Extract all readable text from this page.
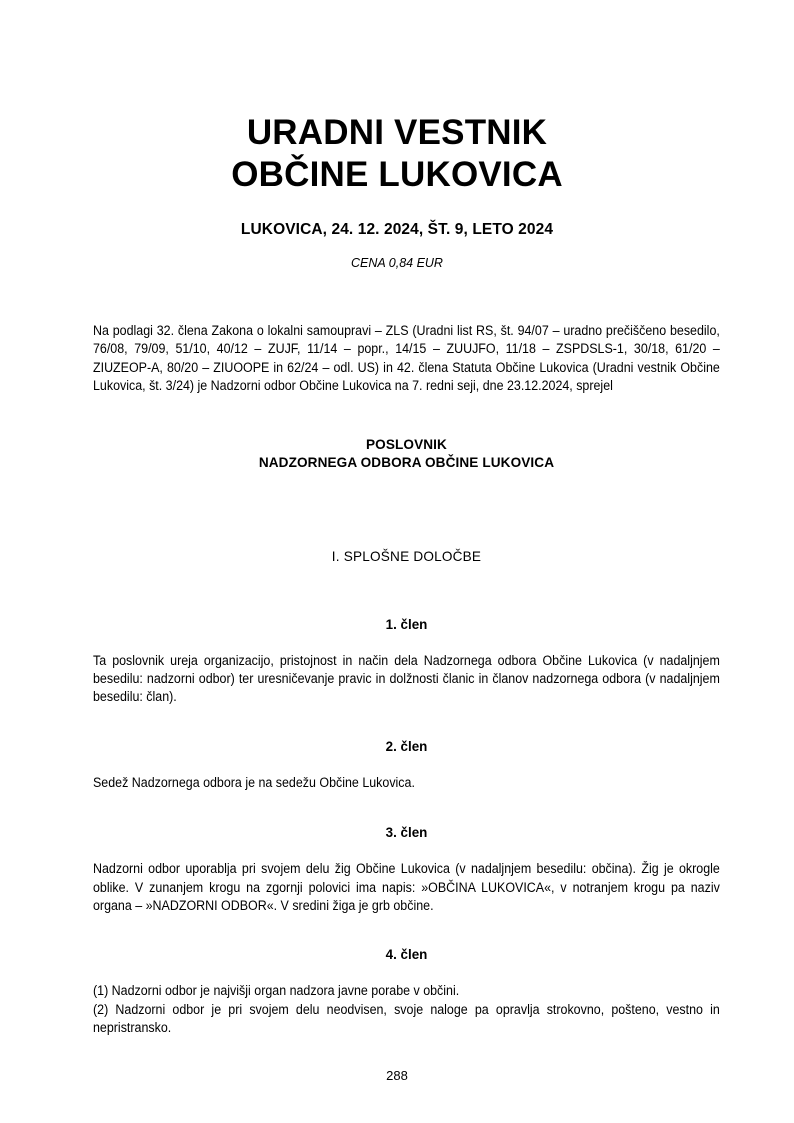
URADNI VESTNIK
OBČINE LUKOVICA
LUKOVICA, 24. 12. 2024, ŠT. 9, LETO 2024
CENA 0,84 EUR

Na podlagi 32. člena Zakona o lokalni samoupravi – ZLS (Uradni list RS, št. 94/07 – uradno prečiščeno besedilo, 76/08, 79/09, 51/10, 40/12 – ZUJF, 11/14 – popr., 14/15 – ZUUJFO, 11/18 – ZSPDSLS-1, 30/18, 61/20 – ZIUZEOP-A, 80/20 – ZIUOOPE in 62/24 – odl. US) in 42. člena Statuta Občine Lukovica (Uradni vestnik Občine Lukovica, št. 3/24) je Nadzorni odbor Občine Lukovica na 7. redni seji, dne 23.12.2024, sprejel

POSLOVNIK
NADZORNEGA ODBORA OBČINE LUKOVICA
I. SPLOŠNE DOLOČBE
1. člen

Ta poslovnik ureja organizacijo, pristojnost in način dela Nadzornega odbora Občine Lukovica (v nadaljnjem besedilu: nadzorni odbor) ter uresničevanje pravic in dolžnosti članic in članov nadzornega odbora (v nadaljnjem besedilu: član).

2. člen

Sedež Nadzornega odbora je na sedežu Občine Lukovica.

3. člen

Nadzorni odbor uporablja pri svojem delu žig Občine Lukovica (v nadaljnjem besedilu: občina). Žig je okrogle oblike. V zunanjem krogu na zgornji polovici ima napis: »OBČINA LUKOVICA«, v notranjem krogu pa naziv organa – »NADZORNI ODBOR«. V sredini žiga je grb občine.

4. člen

(1) Nadzorni odbor je najvišji organ nadzora javne porabe v občini.

(2) Nadzorni odbor je pri svojem delu neodvisen, svoje naloge pa opravlja strokovno, pošteno, vestno in nepristransko.

288
